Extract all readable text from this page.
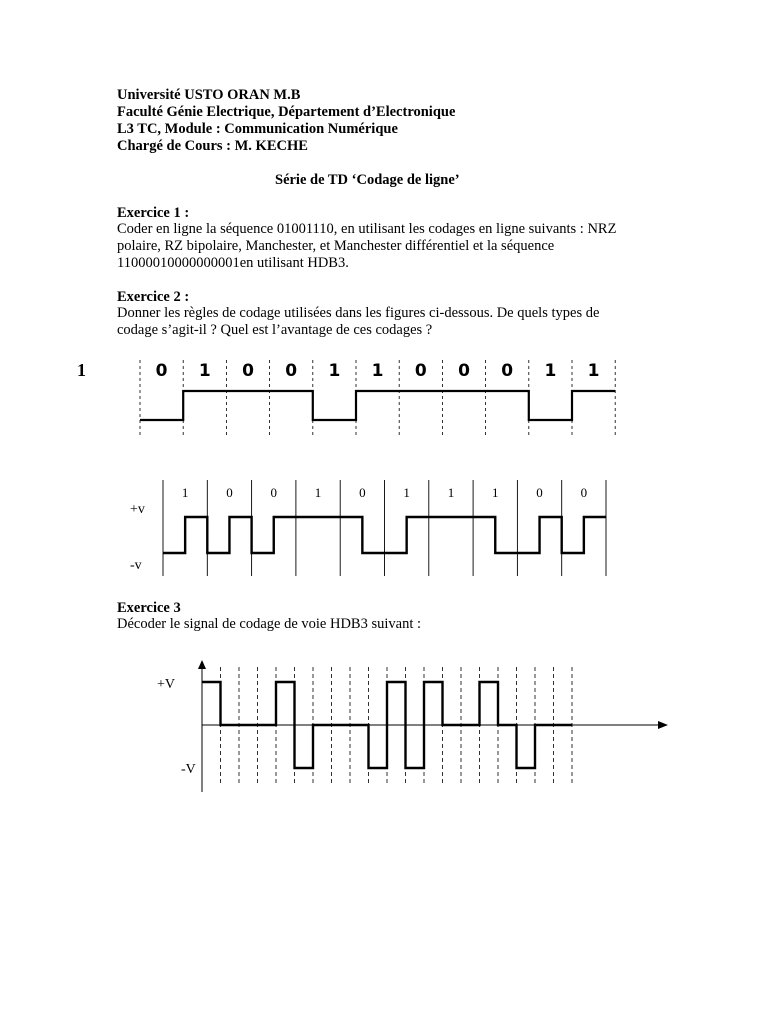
Université USTO ORAN M.B
Faculté Génie Electrique, Département d’Electronique
L3 TC, Module : Communication Numérique
Chargé de Cours : M. KECHE
Série de TD ‘Codage de ligne’
Exercice 1 :
Coder en ligne la séquence 01001110, en utilisant les codages en ligne suivants : NRZ
polaire, RZ bipolaire, Manchester, et Manchester différentiel et la séquence
11000010000000001en utilisant HDB3.
Exercice 2 :
Donner les règles de codage utilisées dans les figures ci-dessous. De quels types de
codage s’agit-il ? Quel est l’avantage de ces codages ?
1	0 1 0 0 1 1 0 0 0 1 1
1	0	0	1	0	1	1	1	0	0
+v
-v
Exercice 3
Décoder le signal de codage de voie HDB3 suivant :
+V
-V
